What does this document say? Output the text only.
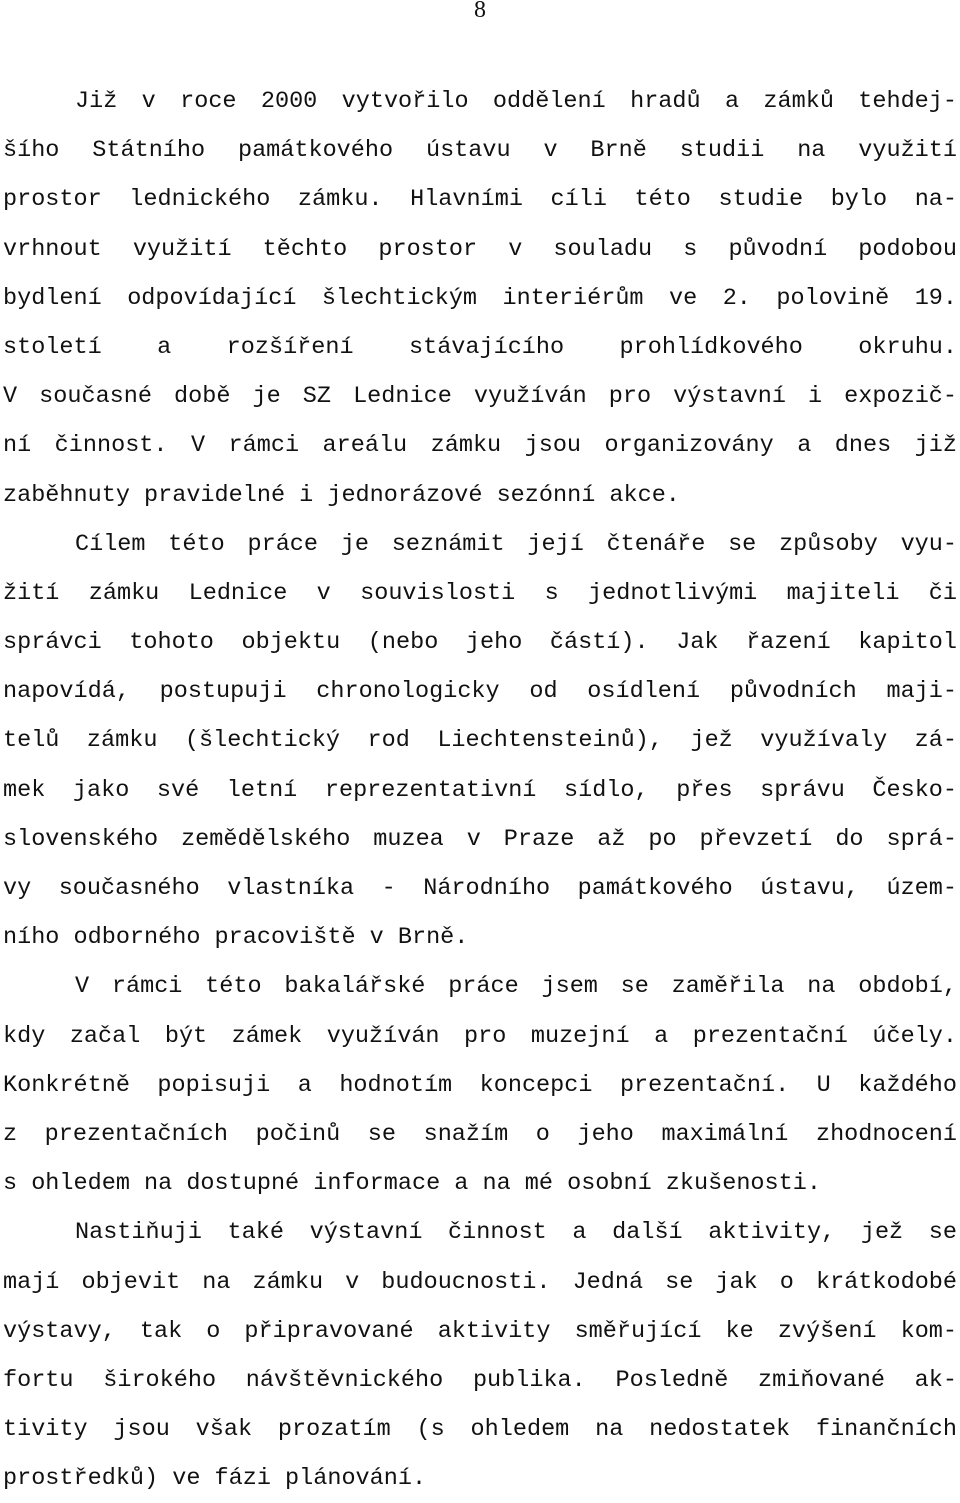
8
Již v roce 2000 vytvořilo oddělení hradů a zámků tehdej-
šího Státního památkového ústavu v Brně studii na využití
prostor lednického zámku. Hlavními cíli této studie bylo na-
vrhnout využití těchto prostor v souladu s původní podobou
bydlení odpovídající šlechtickým interiérům ve 2. polovině 19.
století a rozšíření stávajícího prohlídkového okruhu.
V současné době je SZ Lednice využíván pro výstavní i expozič-
ní činnost. V rámci areálu zámku jsou organizovány a dnes již
zaběhnuty pravidelné i jednorázové sezónní akce.
Cílem této práce je seznámit její čtenáře se způsoby vyu-
žití zámku Lednice v souvislosti s jednotlivými majiteli či
správci tohoto objektu (nebo jeho částí). Jak řazení kapitol
napovídá, postupuji chronologicky od osídlení původních maji-
telů zámku (šlechtický rod Liechtensteinů), jež využívaly zá-
mek jako své letní reprezentativní sídlo, přes správu Česko-
slovenského zemědělského muzea v Praze až po převzetí do sprá-
vy současného vlastníka - Národního památkového ústavu, územ-
ního odborného pracoviště v Brně.
V rámci této bakalářské práce jsem se zaměřila na období,
kdy začal být zámek využíván pro muzejní a prezentační účely.
Konkrétně popisuji a hodnotím koncepci prezentační. U každého
z prezentačních počinů se snažím o jeho maximální zhodnocení
s ohledem na dostupné informace a na mé osobní zkušenosti.
Nastiňuji také výstavní činnost a další aktivity, jež se
mají objevit na zámku v budoucnosti. Jedná se jak o krátkodobé
výstavy, tak o připravované aktivity směřující ke zvýšení kom-
fortu širokého návštěvnického publika. Posledně zmiňované ak-
tivity jsou však prozatím (s ohledem na nedostatek finančních
prostředků) ve fázi plánování.
